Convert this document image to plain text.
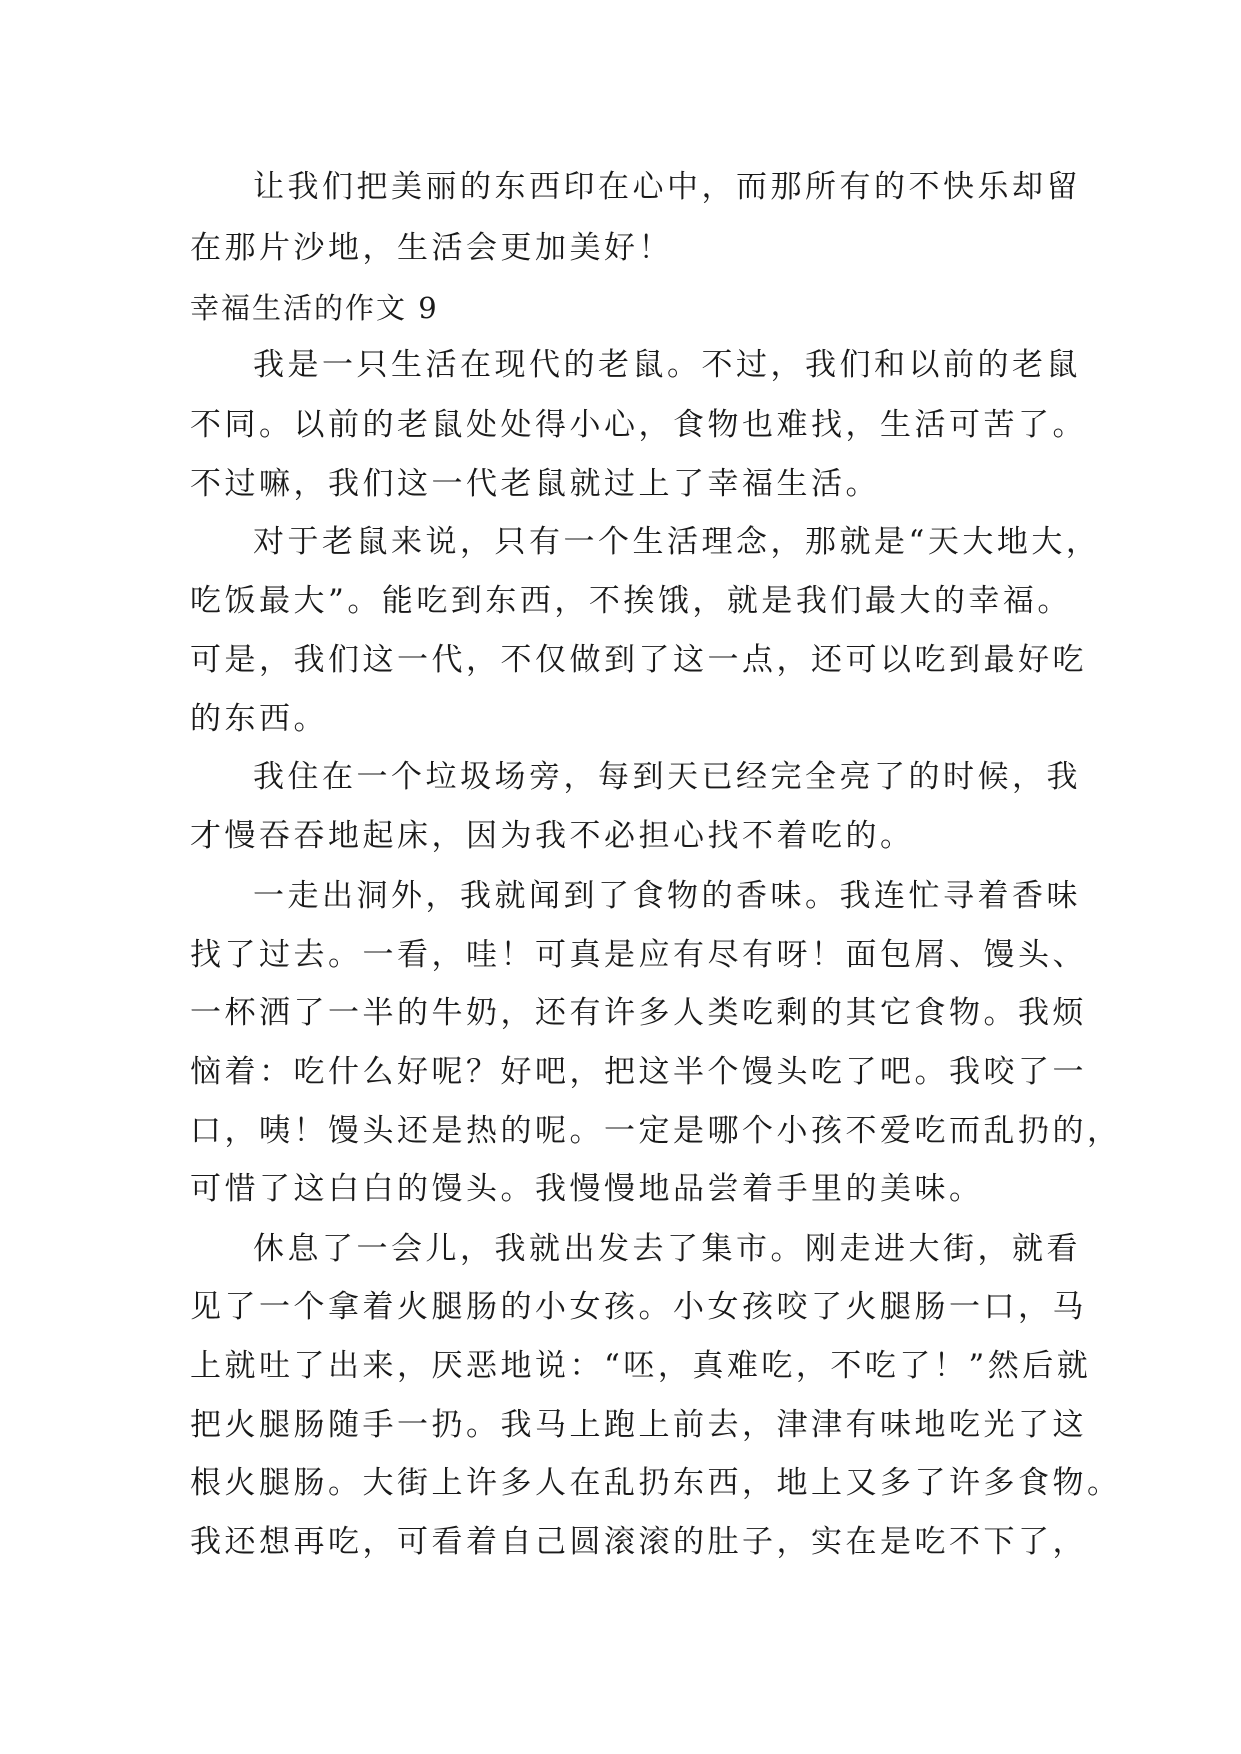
让我们把美丽的东西印在心中，而那所有的不快乐却留
在那片沙地，生活会更加美好！
幸福生活的作文 9
我是一只生活在现代的老鼠。不过，我们和以前的老鼠
不同。以前的老鼠处处得小心，食物也难找，生活可苦了。
不过嘛，我们这一代老鼠就过上了幸福生活。
对于老鼠来说，只有一个生活理念，那就是“天大地大，
吃饭最大”。能吃到东西，不挨饿，就是我们最大的幸福。
可是，我们这一代，不仅做到了这一点，还可以吃到最好吃
的东西。
我住在一个垃圾场旁，每到天已经完全亮了的时候，我
才慢吞吞地起床，因为我不必担心找不着吃的。
一走出洞外，我就闻到了食物的香味。我连忙寻着香味
找了过去。一看，哇！可真是应有尽有呀！面包屑、馒头、
一杯洒了一半的牛奶，还有许多人类吃剩的其它食物。我烦
恼着：吃什么好呢？好吧，把这半个馒头吃了吧。我咬了一
口，咦！馒头还是热的呢。一定是哪个小孩不爱吃而乱扔的，
可惜了这白白的馒头。我慢慢地品尝着手里的美味。
休息了一会儿，我就出发去了集市。刚走进大街，就看
见了一个拿着火腿肠的小女孩。小女孩咬了火腿肠一口，马
上就吐了出来，厌恶地说：“呸，真难吃，不吃了！”然后就
把火腿肠随手一扔。我马上跑上前去，津津有味地吃光了这
根火腿肠。大街上许多人在乱扔东西，地上又多了许多食物。
我还想再吃，可看着自己圆滚滚的肚子，实在是吃不下了，
